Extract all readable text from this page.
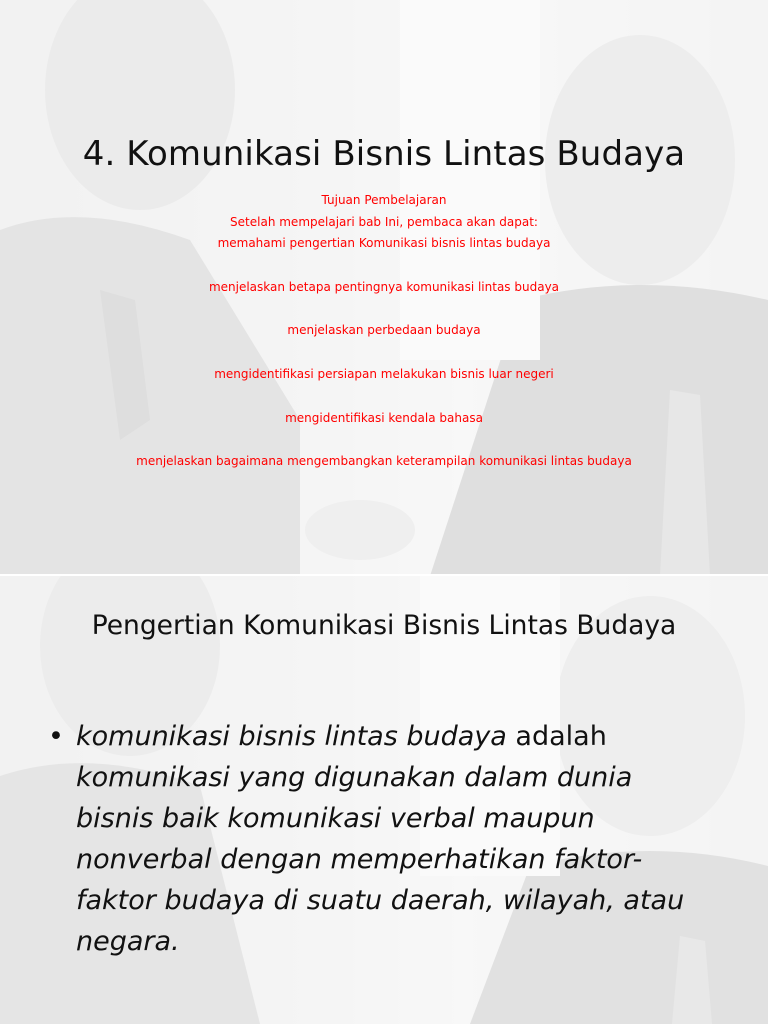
4. Komunikasi Bisnis Lintas Budaya
Tujuan Pembelajaran
Setelah mempelajari bab Ini, pembaca akan dapat:
memahami pengertian Komunikasi bisnis lintas budaya
menjelaskan betapa pentingnya komunikasi lintas budaya
menjelaskan perbedaan budaya
mengidentifikasi persiapan melakukan bisnis luar negeri
mengidentifikasi kendala bahasa
menjelaskan bagaimana mengembangkan keterampilan komunikasi lintas budaya
Pengertian Komunikasi Bisnis Lintas Budaya
• komunikasi bisnis lintas budaya adalah komunikasi yang digunakan dalam dunia bisnis baik komunikasi verbal maupun nonverbal dengan memperhatikan faktor-faktor budaya di suatu daerah, wilayah, atau negara.
